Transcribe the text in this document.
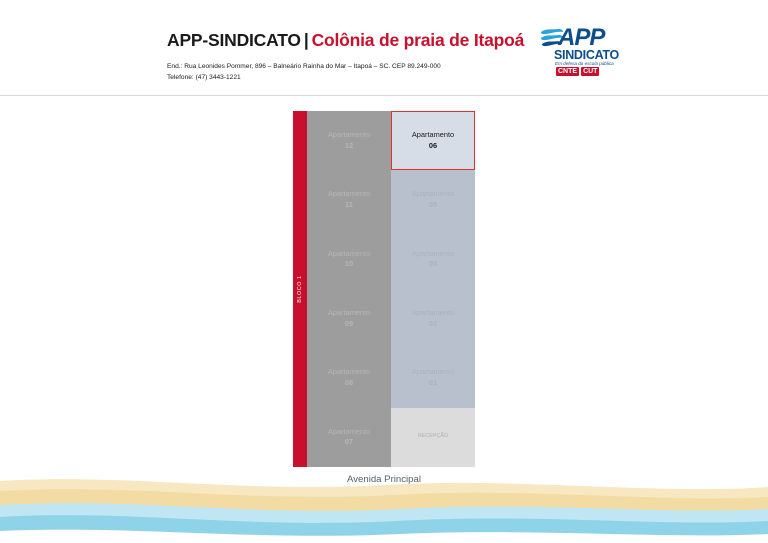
APP-SINDICATO | Colônia de praia de Itapoá
End.: Rua Leonides Pommer, 896 – Balneário Rainha do Mar – Itapoá – SC. CEP 89.249-000
Telefone: (47) 3443-1221
APP
SINDICATO
Em defesa da escola pública
CNTE CUT
BLOCO 1
Apartamento
12
Apartamento
06
Apartamento
11
Apartamento
05
Apartamento
10
Apartamento
03
Apartamento
09
Apartamento
02
Apartamento
08
Apartamento
01
Apartamento
07
RECEPÇÃO
Avenida Principal
